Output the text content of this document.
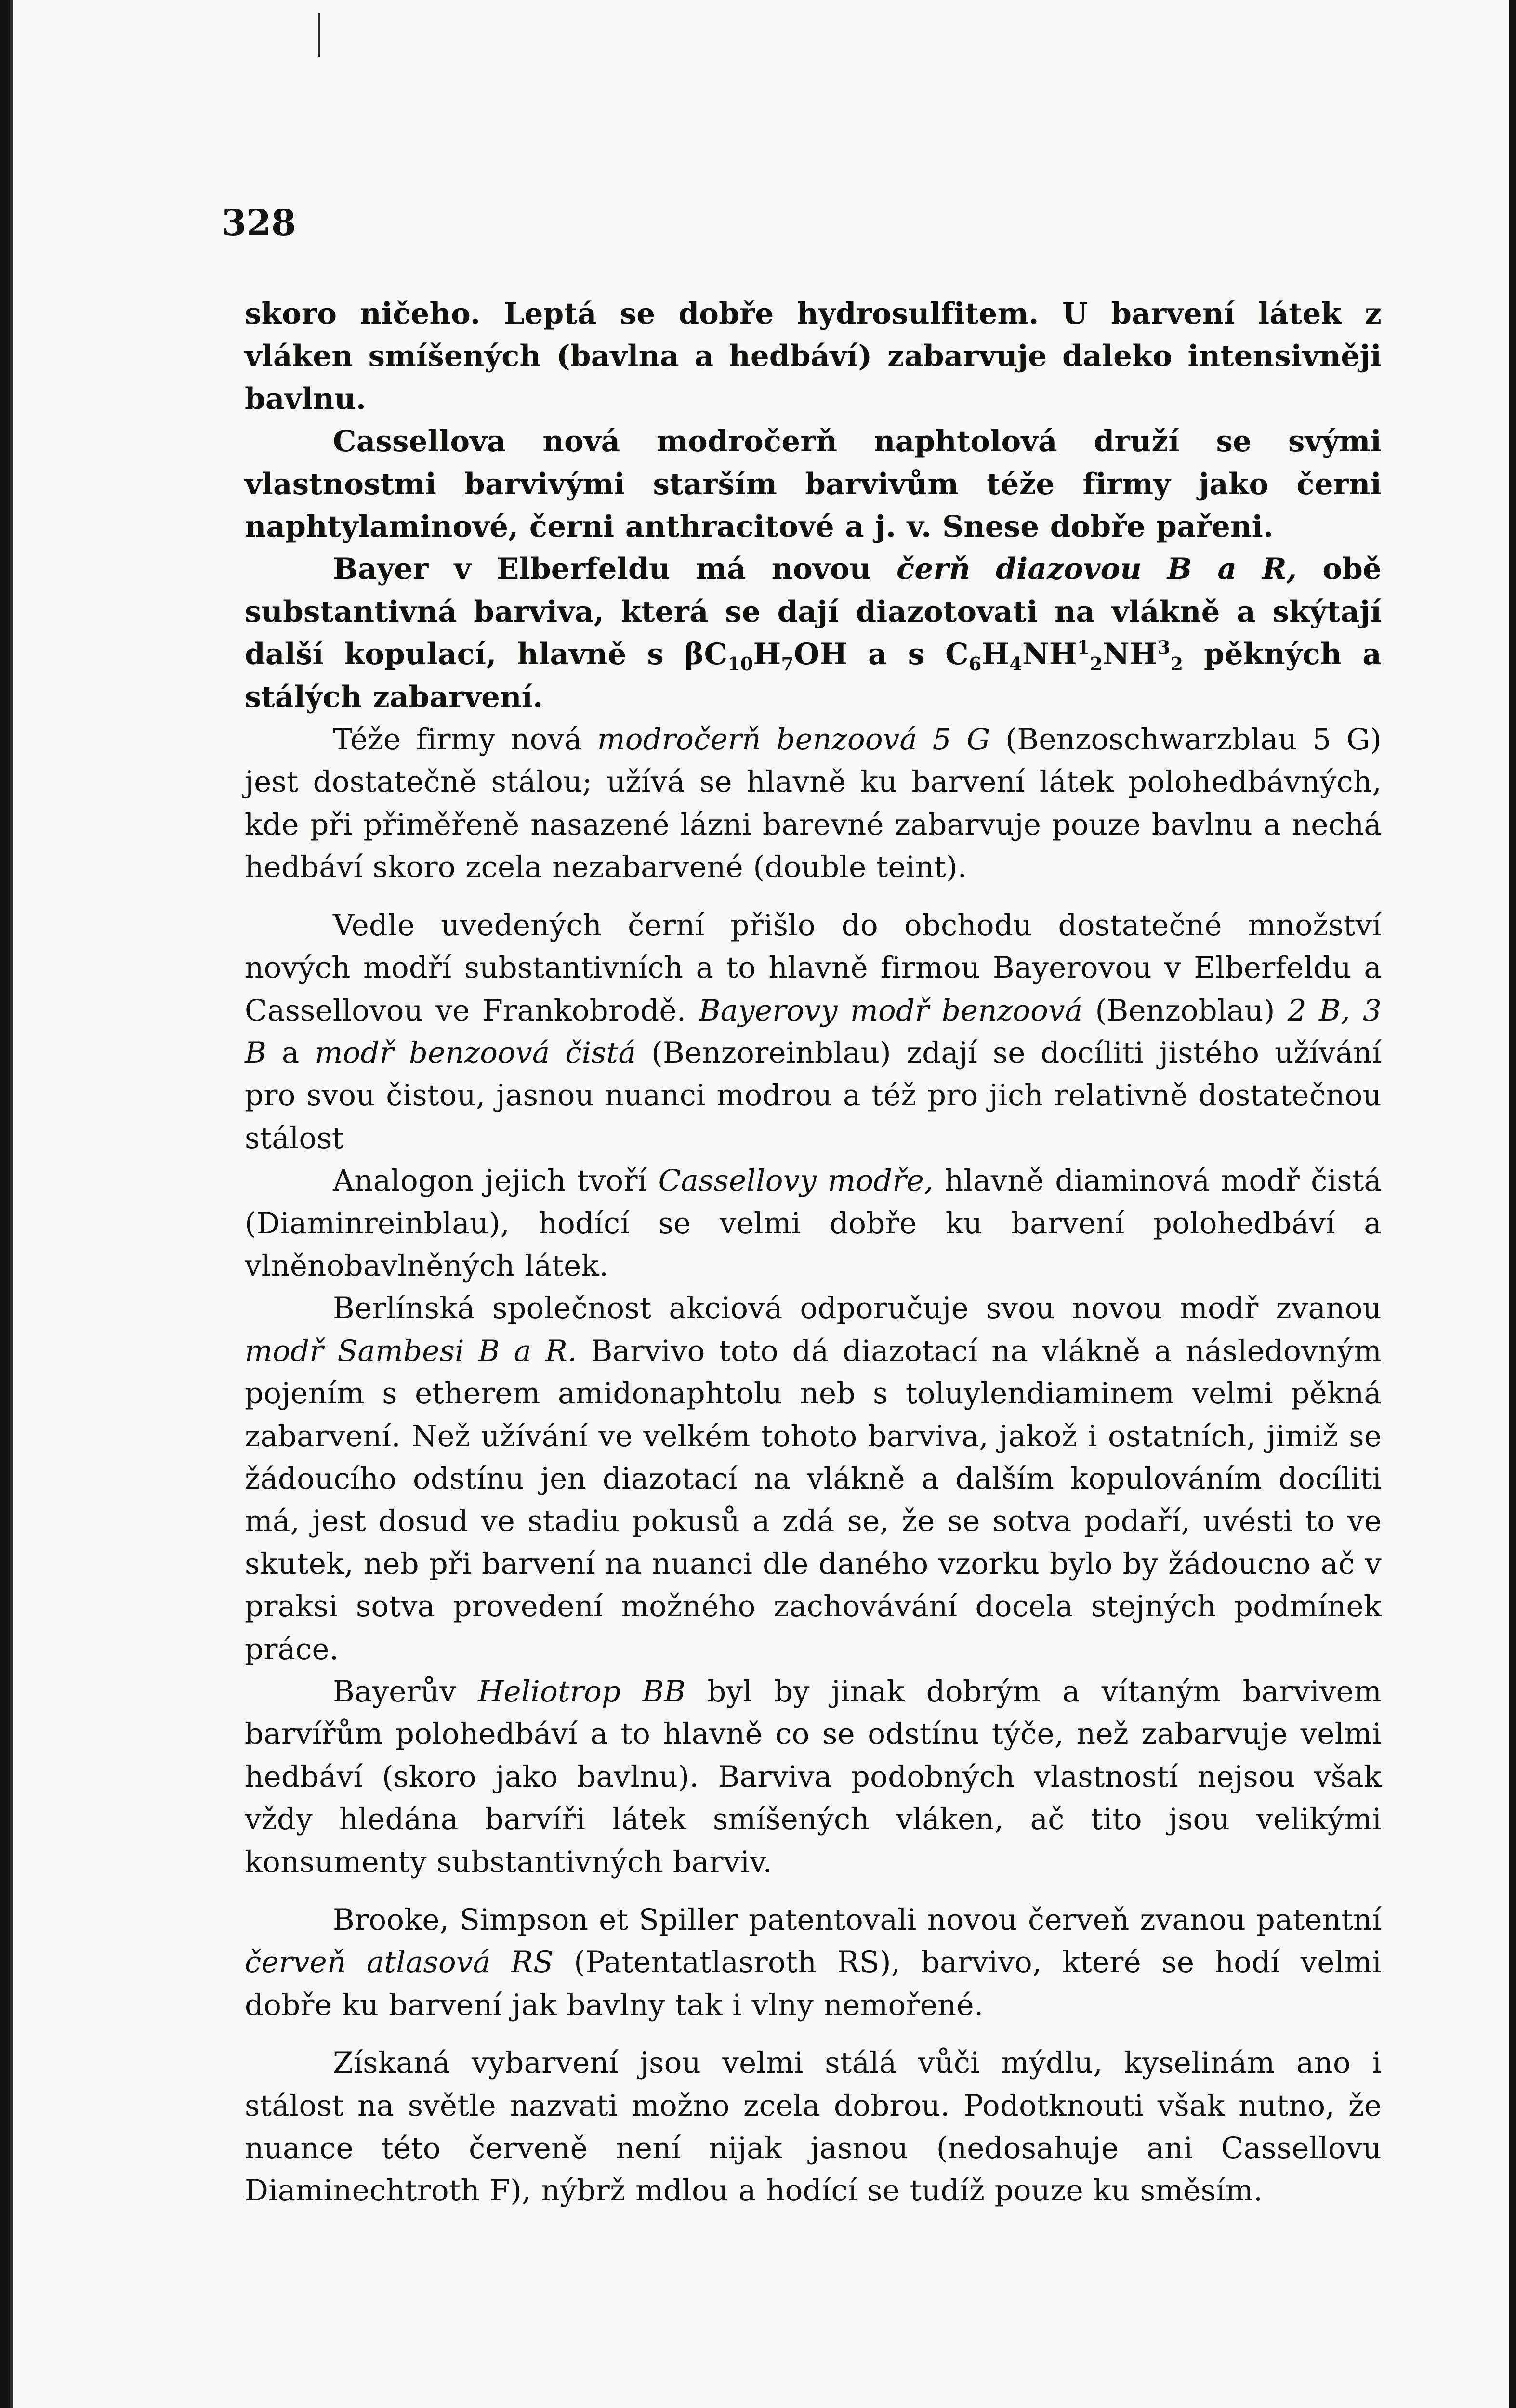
328

skoro ničeho. Leptá se dobře hydrosulfitem. U barvení látek z vláken smíšených (bavlna a hedbáví) zabarvuje daleko intensivněji bavlnu.

Cassellova nová modročerň naphtolová druží se svými vlastnostmi barvivými starším barvivům téže firmy jako černi naphtylaminové, černi anthracitové a j. v. Snese dobře pařeni.

Bayer v Elberfeldu má novou čerň diazovou B a R, obě substantivná barviva, která se dají diazotovati na vlákně a skýtají další kopulací, hlavně s $\beta C_{10}H_7OH$ a s $C_6H_4NH^1_2NH^3_2$ pěkných a stálých zabarvení.

Téže firmy nová modročerň benzoová 5 G (Benzoschwarzblau 5 G) jest dostatečně stálou; užívá se hlavně ku barvení látek polohedbávných, kde při přiměřeně nasazené lázni barevné zabarvuje pouze bavlnu a nechá hedbáví skoro zcela nezabarvené (double teint).

Vedle uvedených černí přišlo do obchodu dostatečné množství nových modří substantivních a to hlavně firmou Bayerovou v Elberfeldu a Cassellovou ve Frankobrodě. Bayerovy modř benzoová (Benzoblau) 2 B, 3 B a modř benzoová čistá (Benzoreinblau) zdají se docíliti jistého užívání pro svou čistou, jasnou nuanci modrou a též pro jich relativně dostatečnou stálost

Analogon jejich tvoří Cassellovy modře, hlavně diaminová modř čistá (Diaminreinblau), hodící se velmi dobře ku barvení polohedbáví a vlněnobavlněných látek.

Berlínská společnost akciová odporučuje svou novou modř zvanou modř Sambesi B a R. Barvivo toto dá diazotací na vlákně a následovným pojením s etherem amidonaphtolu neb s toluylendiaminem velmi pěkná zabarvení. Než užívání ve velkém tohoto barviva, jakož i ostatních, jimiž se žádoucího odstínu jen diazotací na vlákně a dalším kopulováním docíliti má, jest dosud ve stadiu pokusů a zdá se, že se sotva podaří, uvésti to ve skutek, neb při barvení na nuanci dle daného vzorku bylo by žádoucno ač v praksi sotva provedení možného zachovávání docela stejných podmínek práce.

Bayerův Heliotrop BB byl by jinak dobrým a vítaným barvivem barvířům polohedbáví a to hlavně co se odstínu týče, než zabarvuje velmi hedbáví (skoro jako bavlnu). Barviva podobných vlastností nejsou však vždy hledána barvíři látek smíšených vláken, ač tito jsou velikými konsumenty substantivných barviv.

Brooke, Simpson et Spiller patentovali novou červeň zvanou patentní červeň atlasová RS (Patentatlasroth RS), barvivo, které se hodí velmi dobře ku barvení jak bavlny tak i vlny nemořené.

Získaná vybarvení jsou velmi stálá vůči mýdlu, kyselinám ano i stálost na světle nazvati možno zcela dobrou. Podotknouti však nutno, že nuance této červeně není nijak jasnou (nedosahuje ani Cassellovu Diaminechtroth F), nýbrž mdlou a hodící se tudíž pouze ku směsím.
